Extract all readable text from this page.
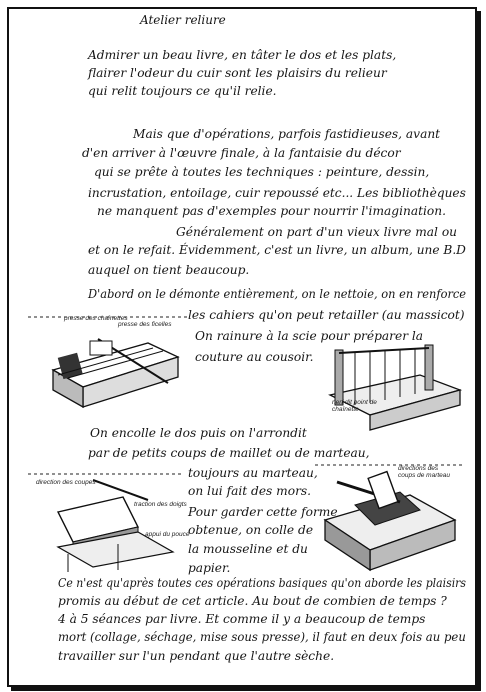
Atelier reliure
Admirer un beau livre, en tâter le dos et les plats,
flairer l'odeur du cuir sont les plaisirs du relieur
qui relit toujours ce qu'il relie.
Mais que d'opérations, parfois fastidieuses, avant
d'en arriver à l'œuvre finale, à la fantaisie du décor
qui se prête à toutes les techniques : peinture, dessin,
incrustation, entoilage, cuir repoussé etc... Les bibliothèques
ne manquent pas d'exemples pour nourrir l'imagination.
Généralement on part d'un vieux livre mal ou
et on le refait. Évidemment, c'est un livre, un album, une B.D
auquel on tient beaucoup.
D'abord on le démonte entièrement, on le nettoie, on en renforce
les cahiers qu'on peut retailler (au massicot)
On rainure à la scie pour préparer la
couture au cousoir.
presse des chaînettes
presse des ficelles
nerf dit point de chaînette
On encolle le dos puis on l'arrondit
par de petits coups de maillet ou de marteau,
direction des coupes
traction des doigts
appui du pouce
toujours au marteau,
on lui fait des mors.
Pour garder cette forme
obtenue, on colle de
la mousseline et du
papier.
directions des coups de marteau
Ce n'est qu'après toutes ces opérations basiques qu'on aborde les plaisirs
promis au début de cet article. Au bout de combien de temps ?
4 à 5 séances par livre. Et comme il y a beaucoup de temps
mort (collage, séchage, mise sous presse), il faut en deux fois au peu
travailler sur l'un pendant que l'autre sèche.
